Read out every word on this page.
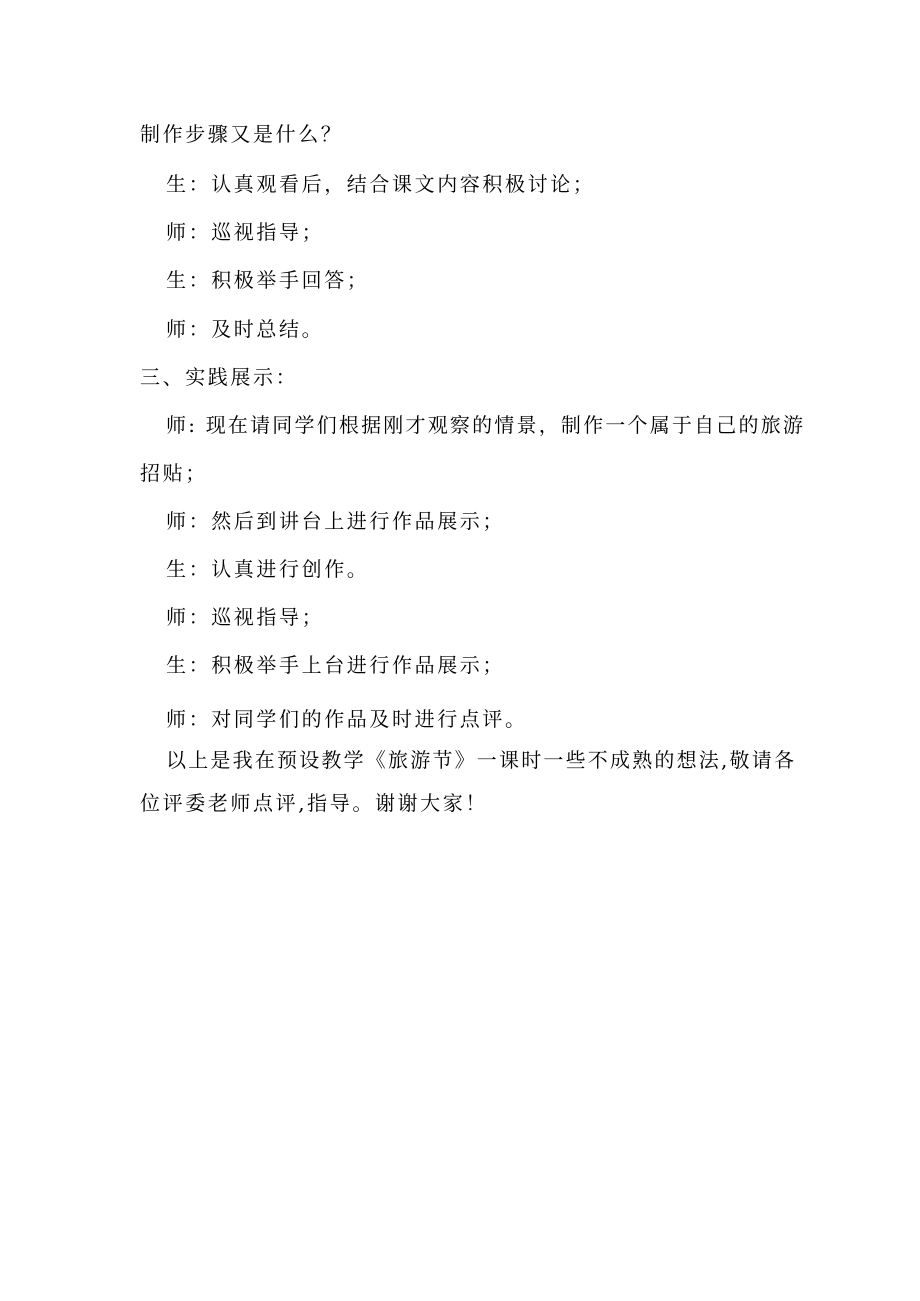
制作步骤又是什么？
生：认真观看后，结合课文内容积极讨论；
师：巡视指导；
生：积极举手回答；
师：及时总结。
三、实践展示：
师: 现在请同学们根据刚才观察的情景，制作一个属于自己的旅游
招贴；
师：然后到讲台上进行作品展示；
生：认真进行创作。
师：巡视指导；
生：积极举手上台进行作品展示；
师：对同学们的作品及时进行点评。
以上是我在预设教学《旅游节》一课时一些不成熟的想法,敬请各
位评委老师点评,指导。谢谢大家！
